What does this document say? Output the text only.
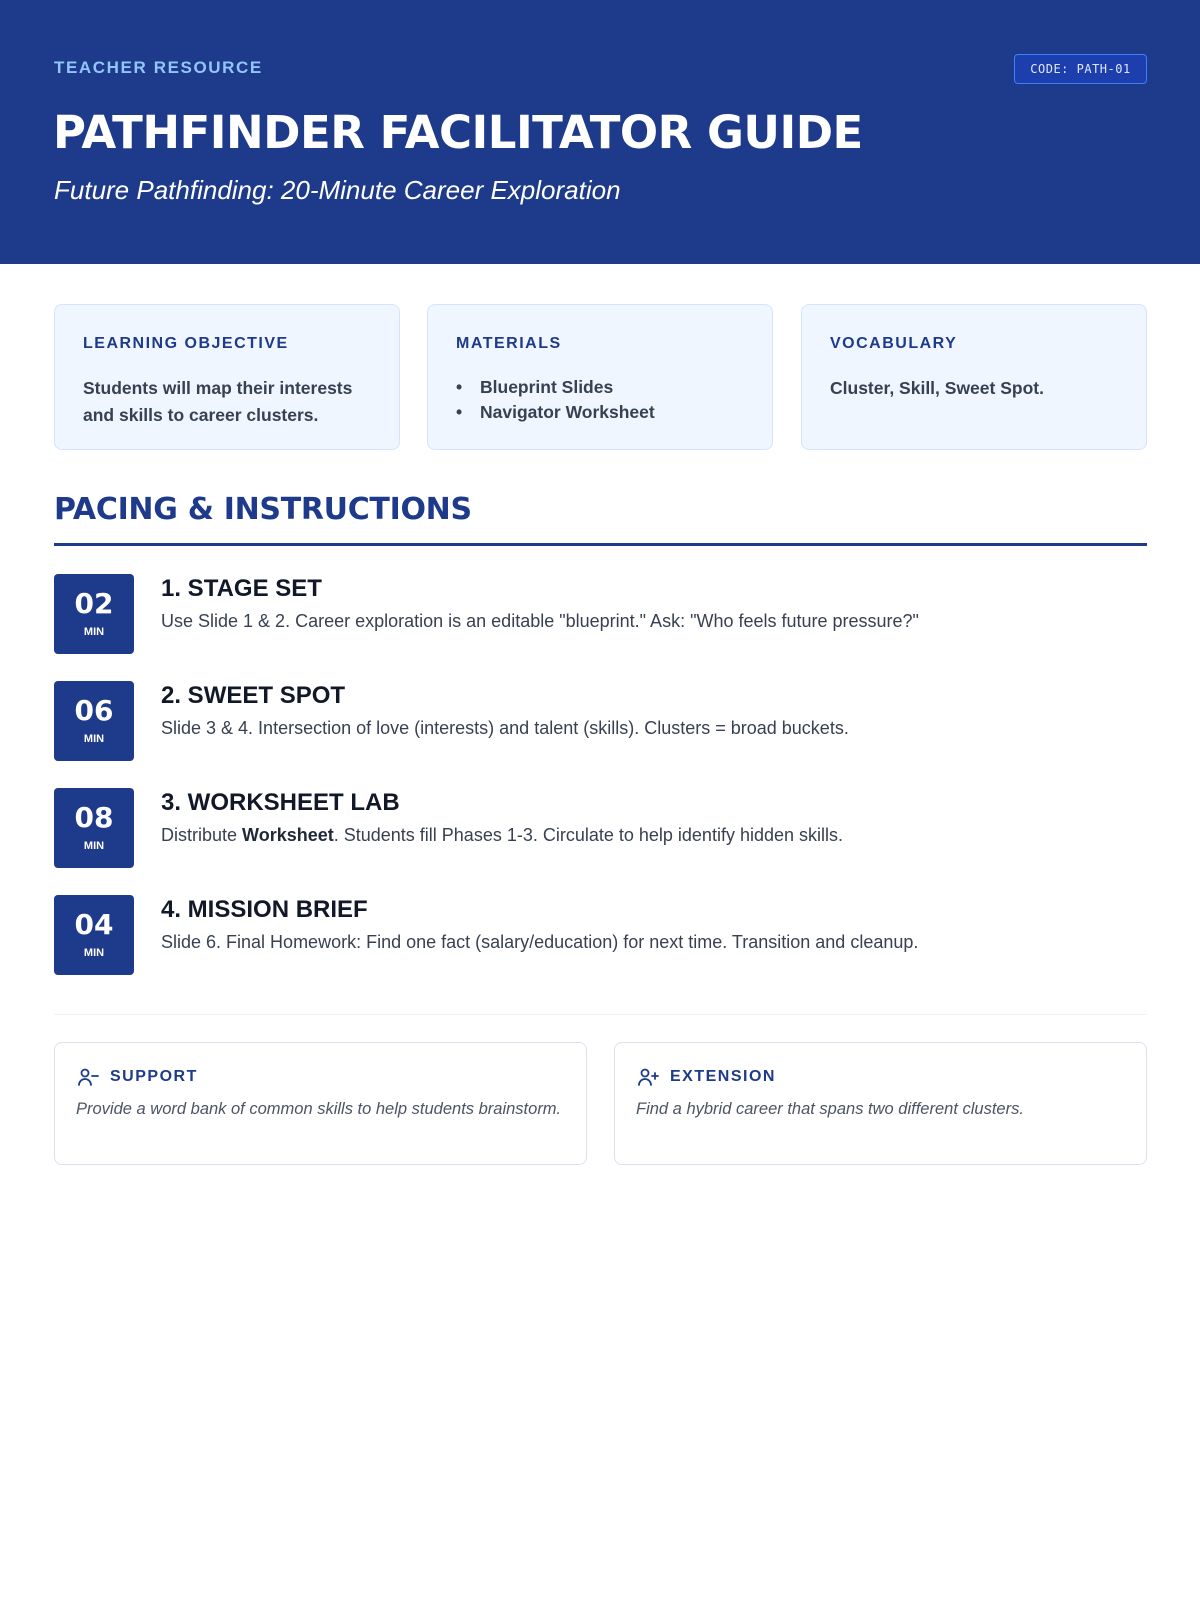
TEACHER RESOURCE	CODE: PATH-01
PATHFINDER FACILITATOR GUIDE
Future Pathfinding: 20-Minute Career Exploration
LEARNING OBJECTIVE
Students will map their interests and skills to career clusters.
MATERIALS
• Blueprint Slides
• Navigator Worksheet
VOCABULARY
Cluster, Skill, Sweet Spot.
PACING & INSTRUCTIONS
02
MIN
1. STAGE SET
Use Slide 1 & 2. Career exploration is an editable "blueprint." Ask: "Who feels future pressure?"
06
MIN
2. SWEET SPOT
Slide 3 & 4. Intersection of love (interests) and talent (skills). Clusters = broad buckets.
08
MIN
3. WORKSHEET LAB
Distribute Worksheet. Students fill Phases 1-3. Circulate to help identify hidden skills.
04
MIN
4. MISSION BRIEF
Slide 6. Final Homework: Find one fact (salary/education) for next time. Transition and cleanup.
SUPPORT
Provide a word bank of common skills to help students brainstorm.
EXTENSION
Find a hybrid career that spans two different clusters.
